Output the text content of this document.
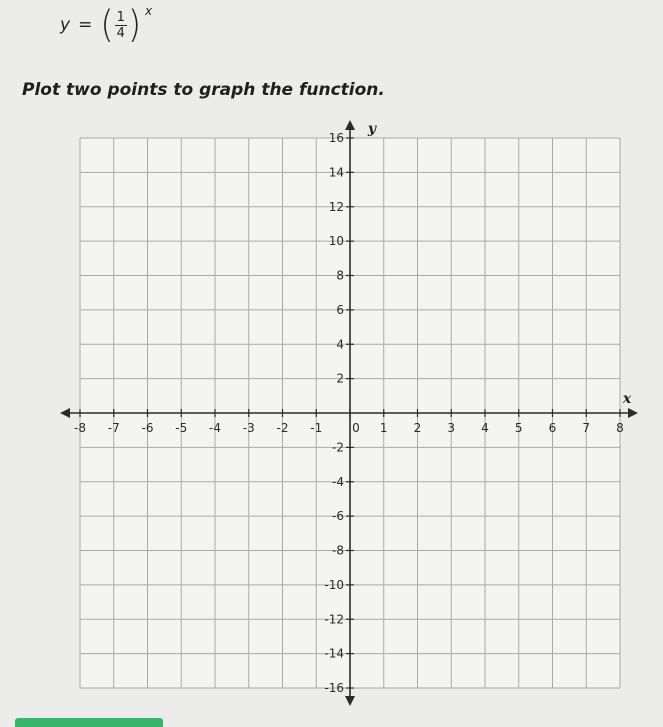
y = ( $\frac{1}{4}$ ) x
Plot two points to graph the function.
-8 -7 -6 -5 -4 -3 -2 -1 0 1 2 3 4 5 6 7 8
-16
-14
-12
-10
-8
-6
-4
-2
2
4
6
8
10
12
14
16
x
y
